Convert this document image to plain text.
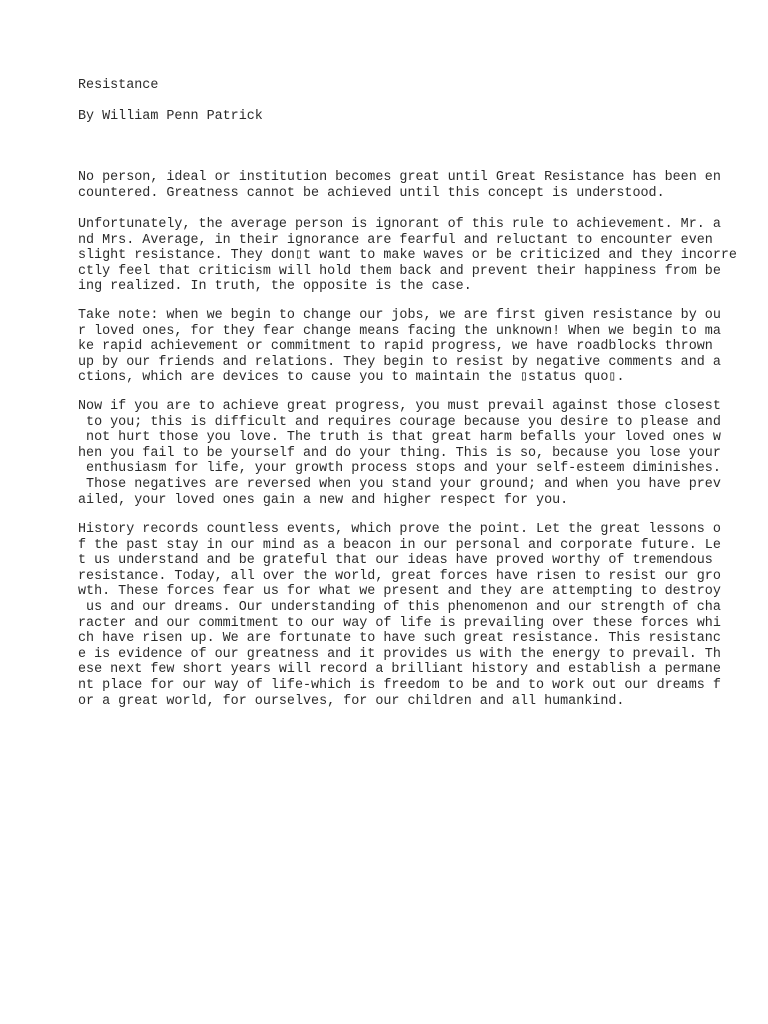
Resistance
By William Penn Patrick
No person, ideal or institution becomes great until Great Resistance has been en
countered. Greatness cannot be achieved until this concept is understood.
Unfortunately, the average person is ignorant of this rule to achievement. Mr. a
nd Mrs. Average, in their ignorance are fearful and reluctant to encounter even
slight resistance. They don▯t want to make waves or be criticized and they incorre
ctly feel that criticism will hold them back and prevent their happiness from be
ing realized. In truth, the opposite is the case.
Take note: when we begin to change our jobs, we are first given resistance by ou
r loved ones, for they fear change means facing the unknown! When we begin to ma
ke rapid achievement or commitment to rapid progress, we have roadblocks thrown
up by our friends and relations. They begin to resist by negative comments and a
ctions, which are devices to cause you to maintain the ▯status quo▯.
Now if you are to achieve great progress, you must prevail against those closest
to you; this is difficult and requires courage because you desire to please and
not hurt those you love. The truth is that great harm befalls your loved ones w
hen you fail to be yourself and do your thing. This is so, because you lose your
enthusiasm for life, your growth process stops and your self-esteem diminishes.
Those negatives are reversed when you stand your ground; and when you have prev
ailed, your loved ones gain a new and higher respect for you.
History records countless events, which prove the point. Let the great lessons o
f the past stay in our mind as a beacon in our personal and corporate future. Le
t us understand and be grateful that our ideas have proved worthy of tremendous
resistance. Today, all over the world, great forces have risen to resist our gro
wth. These forces fear us for what we present and they are attempting to destroy
us and our dreams. Our understanding of this phenomenon and our strength of cha
racter and our commitment to our way of life is prevailing over these forces whi
ch have risen up. We are fortunate to have such great resistance. This resistanc
e is evidence of our greatness and it provides us with the energy to prevail. Th
ese next few short years will record a brilliant history and establish a permane
nt place for our way of life-which is freedom to be and to work out our dreams f
or a great world, for ourselves, for our children and all humankind.
